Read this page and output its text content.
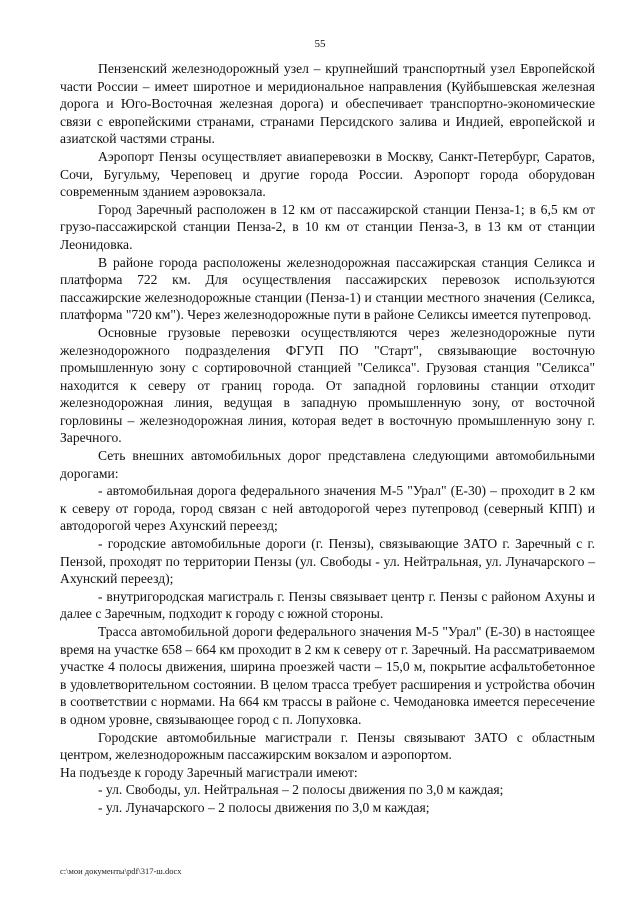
55

Пензенский железнодорожный узел – крупнейший транспортный узел Европейской части России – имеет широтное и меридиональное направления (Куйбышевская железная дорога и Юго-Восточная железная дорога) и обеспечивает транспортно-экономические связи с европейскими странами, странами Персидского залива и Индией, европейской и азиатской частями страны.

Аэропорт Пензы осуществляет авиаперевозки в Москву, Санкт-Петербург, Саратов, Сочи, Бугульму, Череповец и другие города России. Аэропорт города оборудован современным зданием аэровокзала.

Город Заречный расположен в 12 км от пассажирской станции Пенза-1; в 6,5 км от грузо-пассажирской станции Пенза-2, в 10 км от станции Пенза-3, в 13 км от станции Леонидовка.

В районе города расположены железнодорожная пассажирская станция Селикса и платформа 722 км. Для осуществления пассажирских перевозок используются пассажирские железнодорожные станции (Пенза-1) и станции местного значения (Селикса, платформа "720 км"). Через железнодорожные пути в районе Селиксы имеется путепровод.

Основные грузовые перевозки осуществляются через железнодорожные пути железнодорожного подразделения ФГУП ПО "Старт", связывающие восточную промышленную зону с сортировочной станцией "Селикса". Грузовая станция "Селикса" находится к северу от границ города. От западной горловины станции отходит железнодорожная линия, ведущая в западную промышленную зону, от восточной горловины – железнодорожная линия, которая ведет в восточную промышленную зону г. Заречного.

Сеть внешних автомобильных дорог представлена следующими автомобильными дорогами:

- автомобильная дорога федерального значения М-5 "Урал" (Е-30) – проходит в 2 км к северу от города, город связан с ней автодорогой через путепровод (северный КПП) и автодорогой через Ахунский переезд;

- городские автомобильные дороги (г. Пензы), связывающие ЗАТО г. Заречный с г. Пензой, проходят по территории Пензы (ул. Свободы - ул. Нейтральная, ул. Луначарского – Ахунский переезд);

- внутригородская магистраль г. Пензы связывает центр г. Пензы с районом Ахуны и далее с Заречным, подходит к городу с южной стороны.

Трасса автомобильной дороги федерального значения М-5 "Урал" (Е-30) в настоящее время на участке 658 – 664 км проходит в 2 км к северу от г. Заречный. На рассматриваемом участке 4 полосы движения, ширина проезжей части – 15,0 м, покрытие асфальтобетонное в удовлетворительном состоянии. В целом трасса требует расширения и устройства обочин в соответствии с нормами. На 664 км трассы в районе с. Чемодановка имеется пересечение в одном уровне, связывающее город с п. Лопуховка.

Городские автомобильные магистрали г. Пензы связывают ЗАТО с областным центром, железнодорожным пассажирским вокзалом и аэропортом.

На подъезде к городу Заречный магистрали имеют:

- ул. Свободы, ул. Нейтральная – 2 полосы движения по 3,0 м каждая;

- ул. Луначарского – 2 полосы движения по 3,0 м каждая;

c:\мои документы\pdf\317-ш.docx
